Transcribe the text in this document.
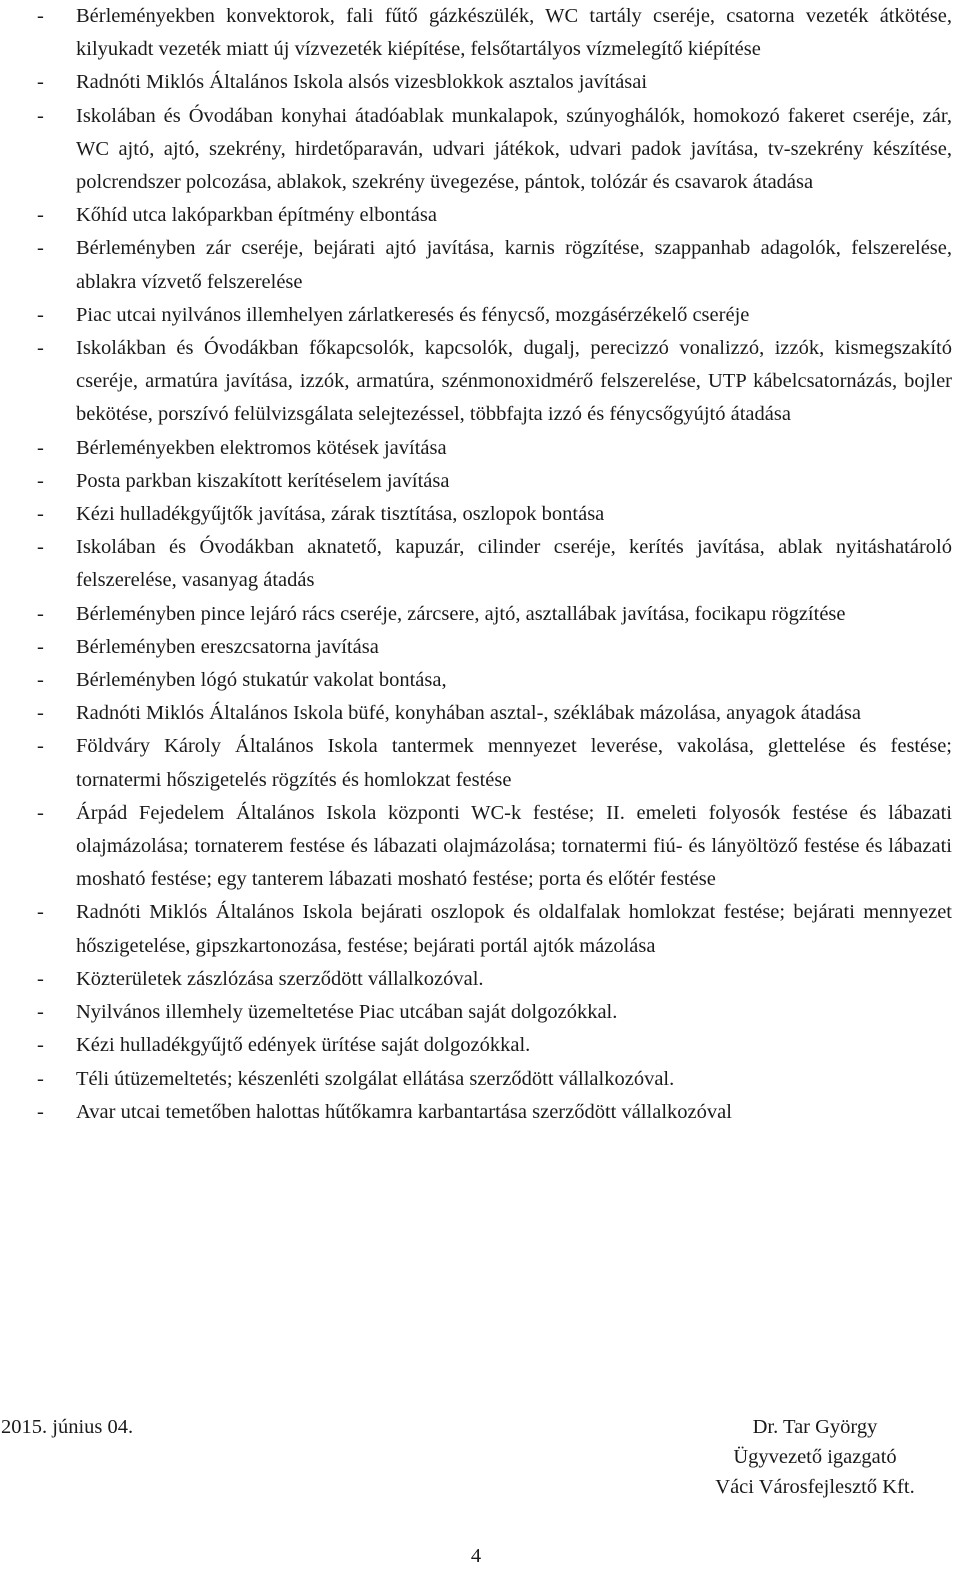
- Bérleményekben konvektorok, fali fűtő gázkészülék, WC tartály cseréje, csatorna vezeték átkötése, kilyukadt vezeték miatt új vízvezeték kiépítése, felsőtartályos vízmelegítő kiépítése
- Radnóti Miklós Általános Iskola alsós vizesblokkok asztalos javításai
- Iskolában és Óvodában konyhai átadóablak munkalapok, szúnyoghálók, homokozó fakeret cseréje, zár, WC ajtó, ajtó, szekrény, hirdetőparaván, udvari játékok, udvari padok javítása, tv-szekrény készítése, polcrendszer polcozása, ablakok, szekrény üvegezése, pántok, tolózár és csavarok átadása
- Kőhíd utca lakóparkban építmény elbontása
- Bérleményben zár cseréje, bejárati ajtó javítása, karnis rögzítése, szappanhab adagolók, felszerelése, ablakra vízvető felszerelése
- Piac utcai nyilvános illemhelyen zárlatkeresés és fénycső, mozgásérzékelő cseréje
- Iskolákban és Óvodákban főkapcsolók, kapcsolók, dugalj, perecizzó vonalizzó, izzók, kismegszakító cseréje, armatúra javítása, izzók, armatúra, szénmonoxidmérő felszerelése, UTP kábelcsatornázás, bojler bekötése, porszívó felülvizsgálata selejtezéssel, többfajta izzó és fénycsőgyújtó átadása
- Bérleményekben elektromos kötések javítása
- Posta parkban kiszakított kerítéselem javítása
- Kézi hulladékgyűjtők javítása, zárak tisztítása, oszlopok bontása
- Iskolában és Óvodákban aknatető, kapuzár, cilinder cseréje, kerítés javítása, ablak nyitáshatároló felszerelése, vasanyag átadás
- Bérleményben pince lejáró rács cseréje, zárcsere, ajtó, asztallábak javítása, focikapu rögzítése
- Bérleményben ereszcsatorna javítása
- Bérleményben lógó stukatúr vakolat bontása,
- Radnóti Miklós Általános Iskola büfé, konyhában asztal-, széklábak mázolása, anyagok átadása
- Földváry Károly Általános Iskola tantermek mennyezet leverése, vakolása, glettelése és festése; tornatermi hőszigetelés rögzítés és homlokzat festése
- Árpád Fejedelem Általános Iskola központi WC-k festése; II. emeleti folyosók festése és lábazati olajmázolása; tornaterem festése és lábazati olajmázolása; tornatermi fiú- és lányöltöző festése és lábazati mosható festése; egy tanterem lábazati mosható festése; porta és előtér festése
- Radnóti Miklós Általános Iskola bejárati oszlopok és oldalfalak homlokzat festése; bejárati mennyezet hőszigetelése, gipszkartonozása, festése; bejárati portál ajtók mázolása
- Közterületek zászlózása szerződött vállalkozóval.
- Nyilvános illemhely üzemeltetése Piac utcában saját dolgozókkal.
- Kézi hulladékgyűjtő edények ürítése saját dolgozókkal.
- Téli útüzemeltetés; készenléti szolgálat ellátása szerződött vállalkozóval.
- Avar utcai temetőben halottas hűtőkamra karbantartása szerződött vállalkozóval
2015. június 04.	Dr. Tar György
Ügyvezető igazgató
Váci Városfejlesztő Kft.
4
